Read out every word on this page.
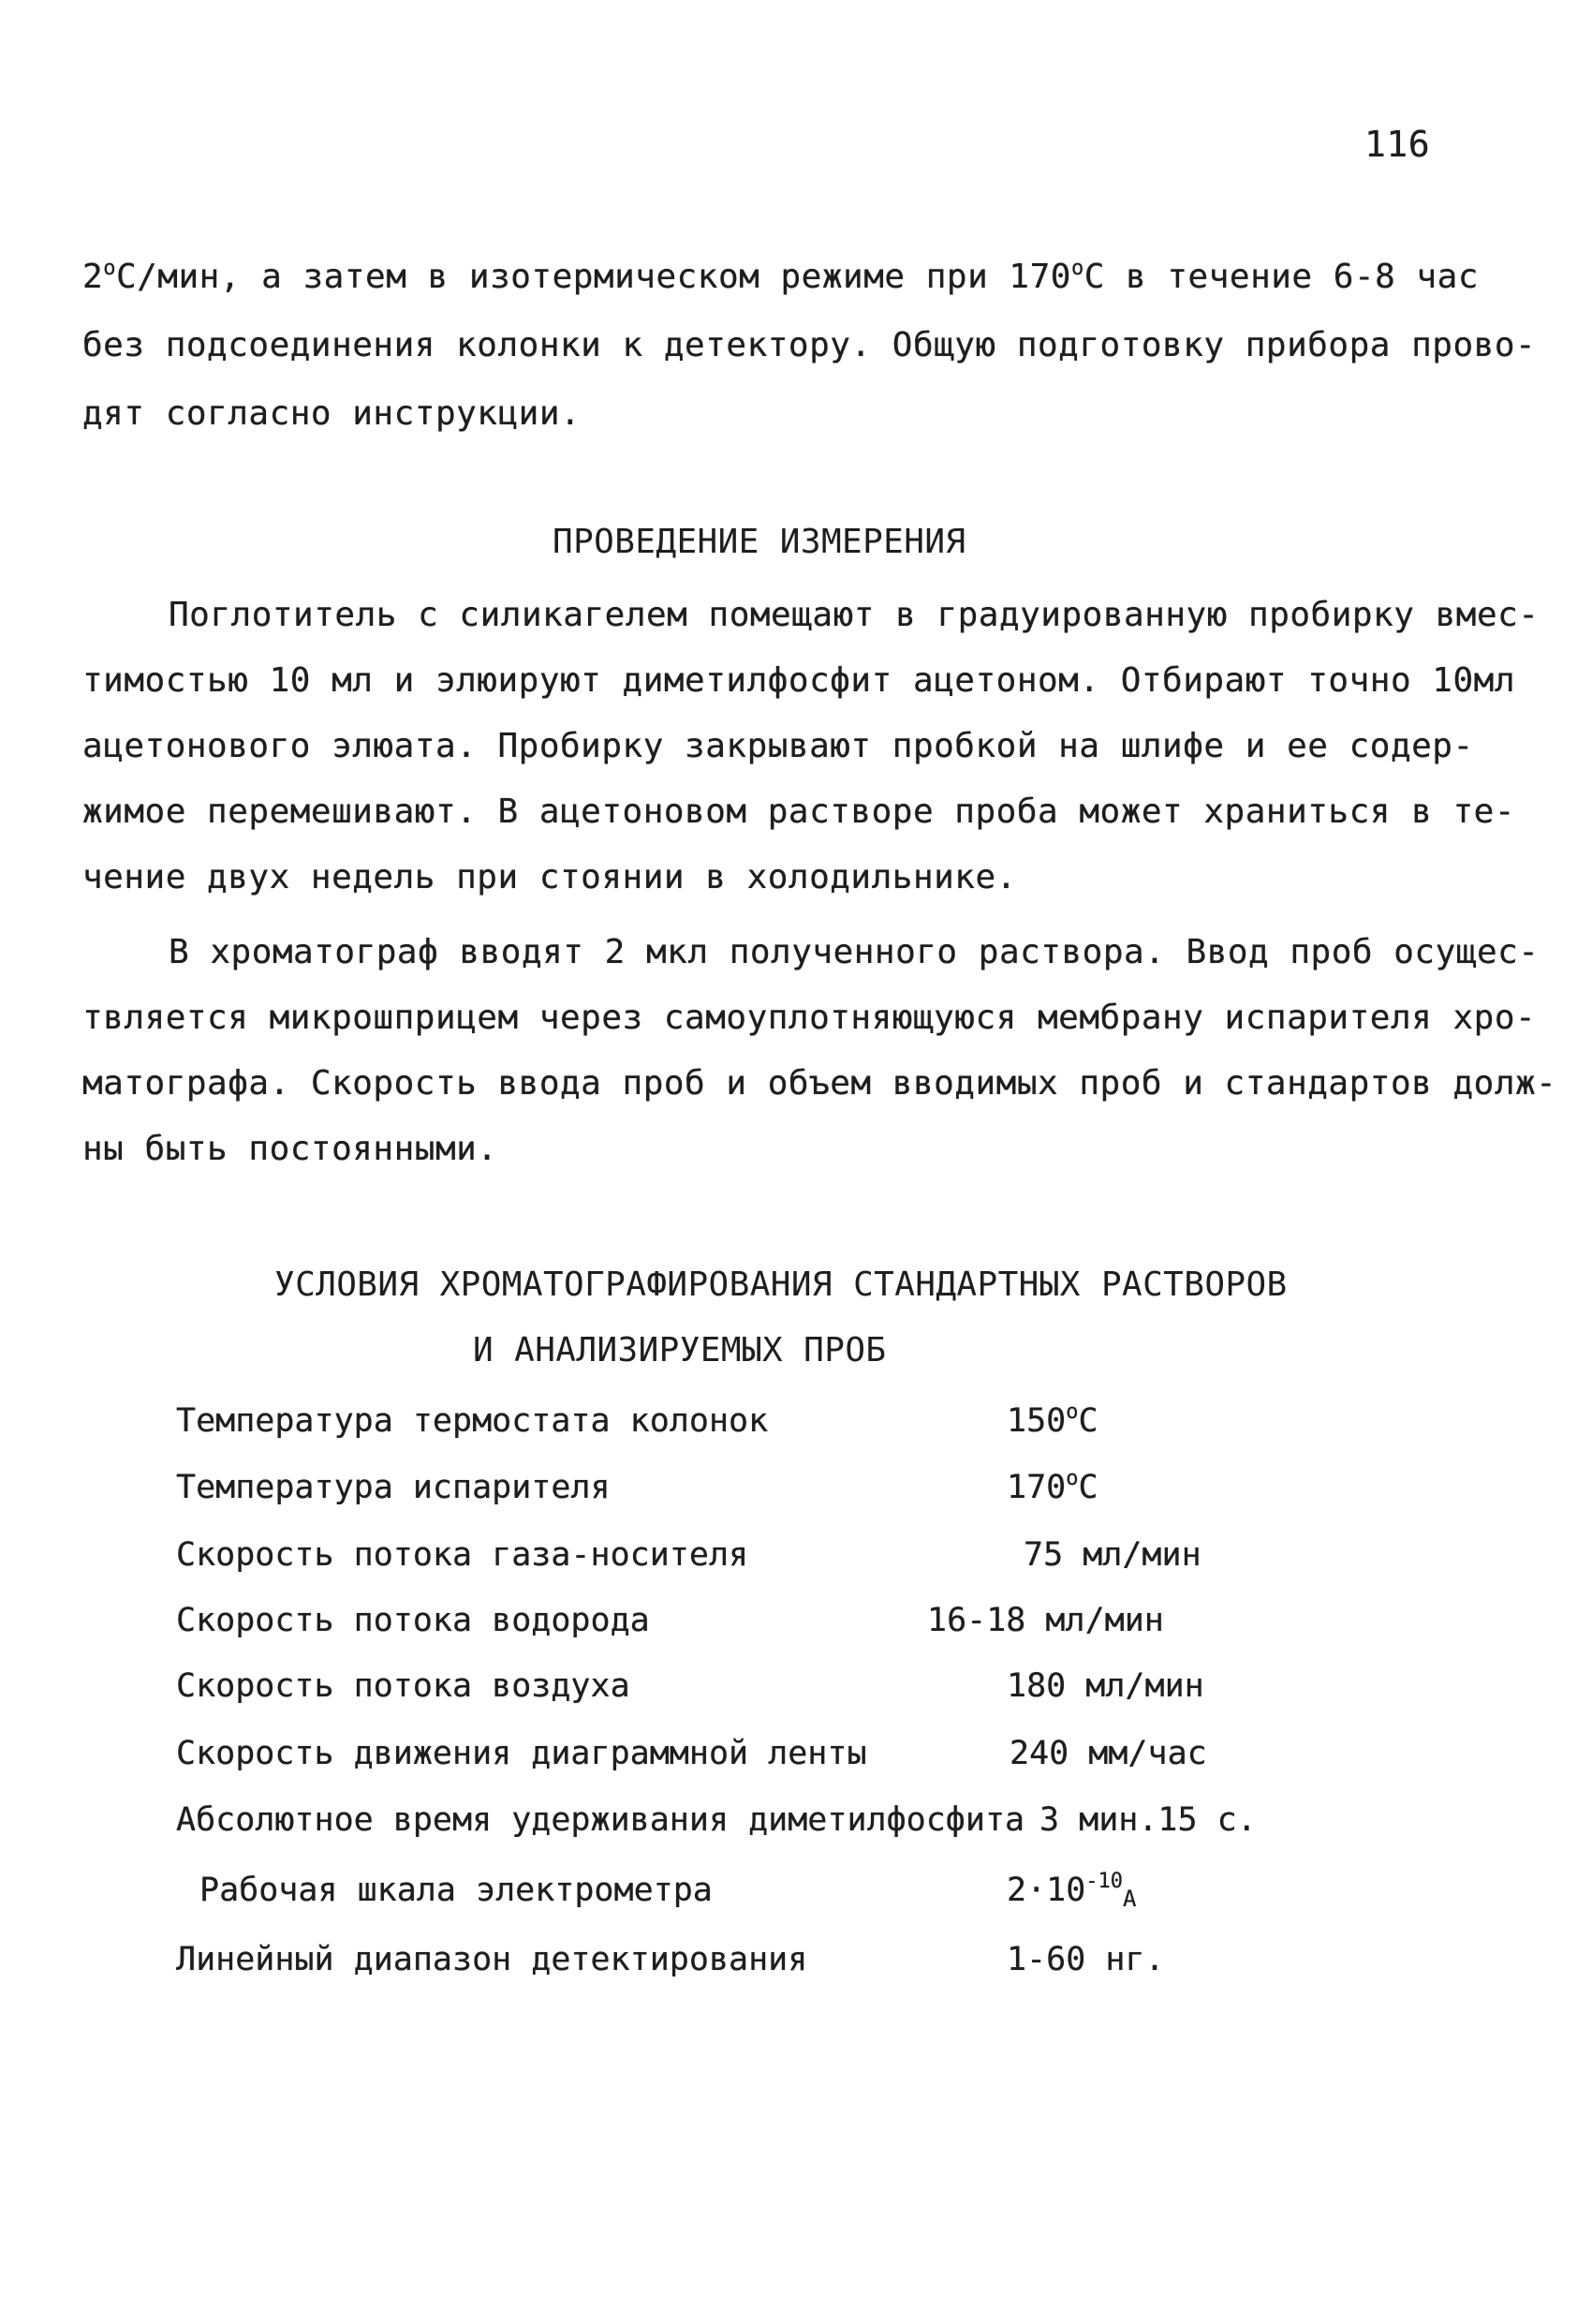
116
2$^o$С/мин, а затем в изотермическом режиме при 170$^o$С в течение 6-8 час
без подсоединения колонки к детектору. Общую подготовку прибора прово-
дят согласно инструкции.
ПРОВЕДЕНИЕ ИЗМЕРЕНИЯ
Поглотитель с силикагелем помещают в градуированную пробирку вмес-
тимостью 10 мл и элюируют диметилфосфит ацетоном. Отбирают точно 10мл
ацетонового элюата. Пробирку закрывают пробкой на шлифе и ее содер-
жимое перемешивают. В ацетоновом растворе проба может храниться в те-
чение двух недель при стоянии в холодильнике.
В хроматограф вводят 2 мкл полученного раствора. Ввод проб осущес-
твляется микрошприцем через самоуплотняющуюся мембрану испарителя хро-
матографа. Скорость ввода проб и объем вводимых проб и стандартов долж-
ны быть постоянными.
УСЛОВИЯ ХРОМАТОГРАФИРОВАНИЯ СТАНДАРТНЫХ РАСТВОРОВ
И АНАЛИЗИРУЕМЫХ ПРОБ
Температура термостата колонок	150$^o$С
Температура испарителя	170$^o$С
Скорость потока газа-носителя	75 мл/мин
Скорость потока водорода	16-18 мл/мин
Скорость потока воздуха	180 мл/мин
Скорость движения диаграммной ленты	240 мм/час
Абсолютное время удерживания диметилфосфита 3 мин.15 с.
Рабочая шкала электрометра	$2\cdot 10^{-10}_А$
Линейный диапазон детектирования	1-60 нг.
